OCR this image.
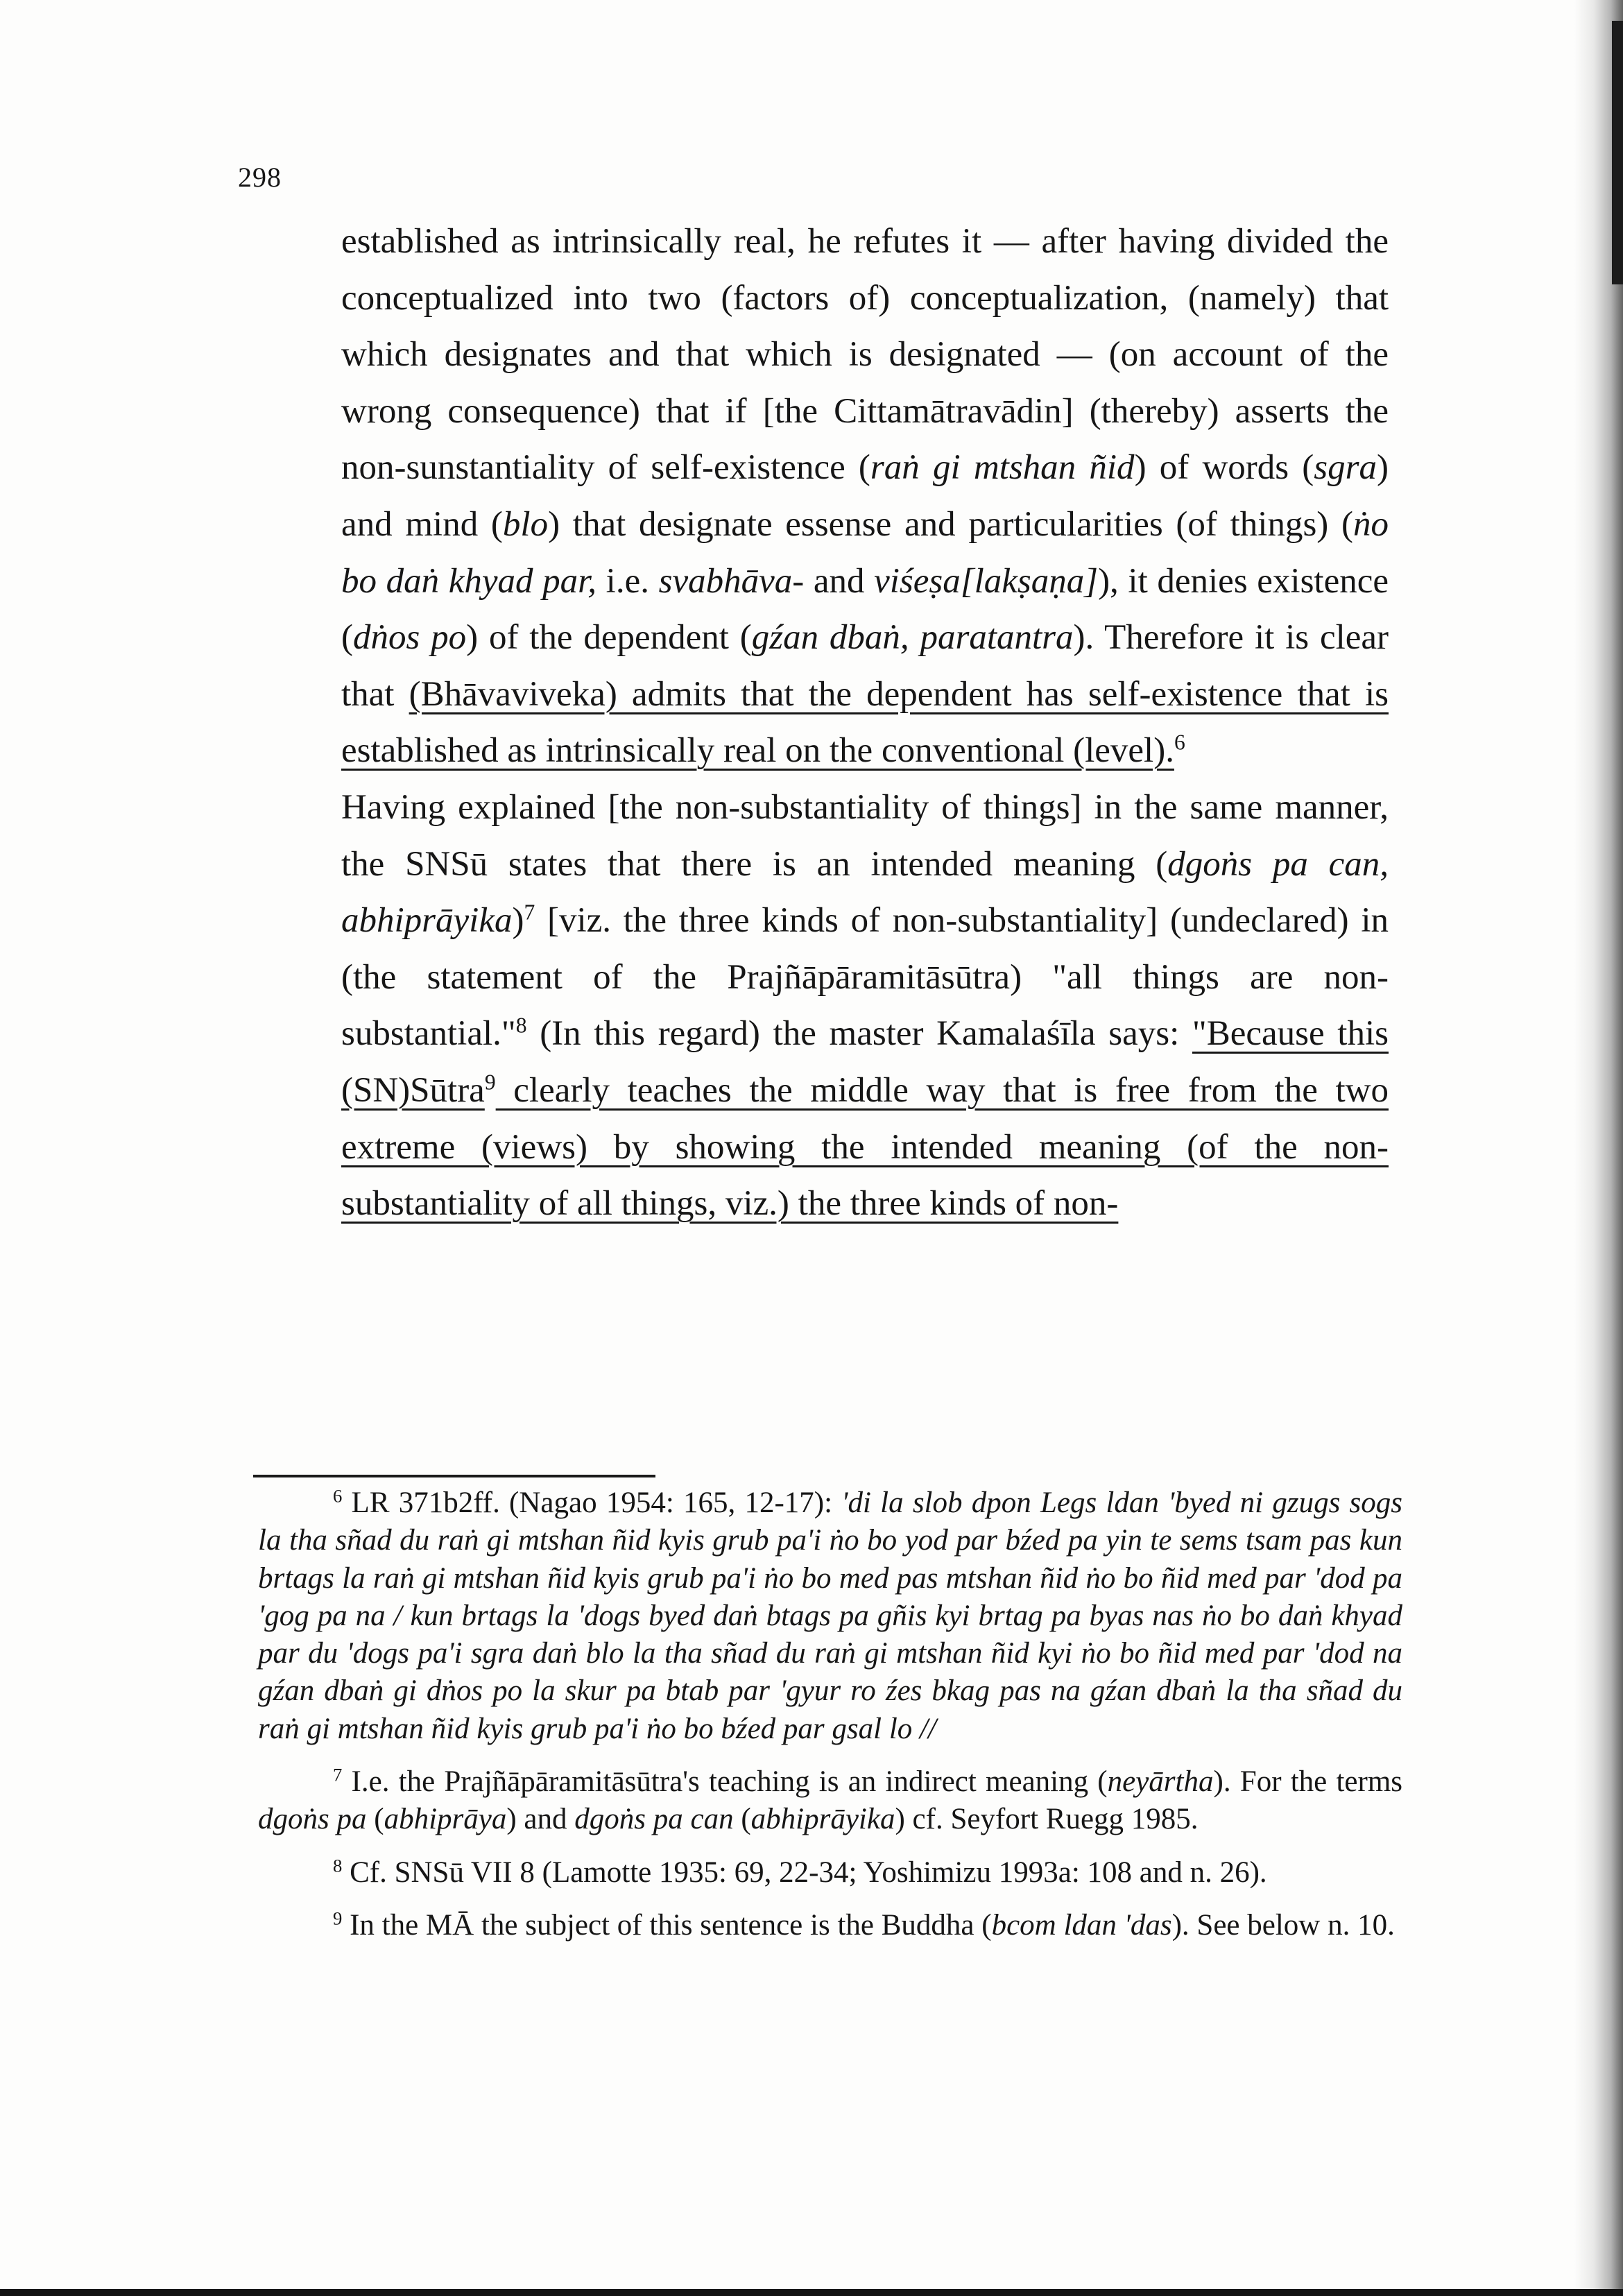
298

established as intrinsically real, he refutes it — after having divided the conceptualized into two (factors of) conceptualization, (namely) that which designates and that which is designated — (on account of the wrong consequence) that if [the Cittamātravādin] (thereby) asserts the non-sunstantiality of self-existence (raṅ gi mtshan ñid) of words (sgra) and mind (blo) that designate essense and particularities (of things) (ṅo bo daṅ khyad par, i.e. svabhāva- and viśeṣa[lakṣaṇa]), it denies existence (dṅos po) of the dependent (gźan dbaṅ, paratantra). Therefore it is clear that (Bhāvaviveka) admits that the dependent has self-existence that is established as intrinsically real on the conventional (level).$^6$

Having explained [the non-substantiality of things] in the same manner, the SNSū states that there is an intended meaning (dgoṅs pa can, abhiprāyika)$^7$ [viz. the three kinds of non-substantiality] (undeclared) in (the statement of the Prajñāpāramitāsūtra) "all things are non-substantial."$^8$ (In this regard) the master Kamalaśīla says: "Because this (SN)Sūtra$^9$ clearly teaches the middle way that is free from the two extreme (views) by showing the intended meaning (of the non-substantiality of all things, viz.) the three kinds of non-

$^6$ LR 371b2ff. (Nagao 1954: 165, 12-17): 'di la slob dpon Legs ldan 'byed ni gzugs sogs la tha sñad du raṅ gi mtshan ñid kyis grub pa'i ṅo bo yod par bźed pa yin te sems tsam pas kun brtags la raṅ gi mtshan ñid kyis grub pa'i ṅo bo med pas mtshan ñid ṅo bo ñid med par 'dod pa 'gog pa na / kun brtags la 'dogs byed daṅ btags pa gñis kyi brtag pa byas nas ṅo bo daṅ khyad par du 'dogs pa'i sgra daṅ blo la tha sñad du raṅ gi mtshan ñid kyi ṅo bo ñid med par 'dod na gźan dbaṅ gi dṅos po la skur pa btab par 'gyur ro źes bkag pas na gźan dbaṅ la tha sñad du raṅ gi mtshan ñid kyis grub pa'i ṅo bo bźed par gsal lo //

$^7$ I.e. the Prajñāpāramitāsūtra's teaching is an indirect meaning (neyārtha). For the terms dgoṅs pa (abhiprāya) and dgoṅs pa can (abhiprāyika) cf. Seyfort Ruegg 1985.

$^8$ Cf. SNSū VII 8 (Lamotte 1935: 69, 22-34; Yoshimizu 1993a: 108 and n. 26).

$^9$ In the MĀ the subject of this sentence is the Buddha (bcom ldan 'das). See below n. 10.
